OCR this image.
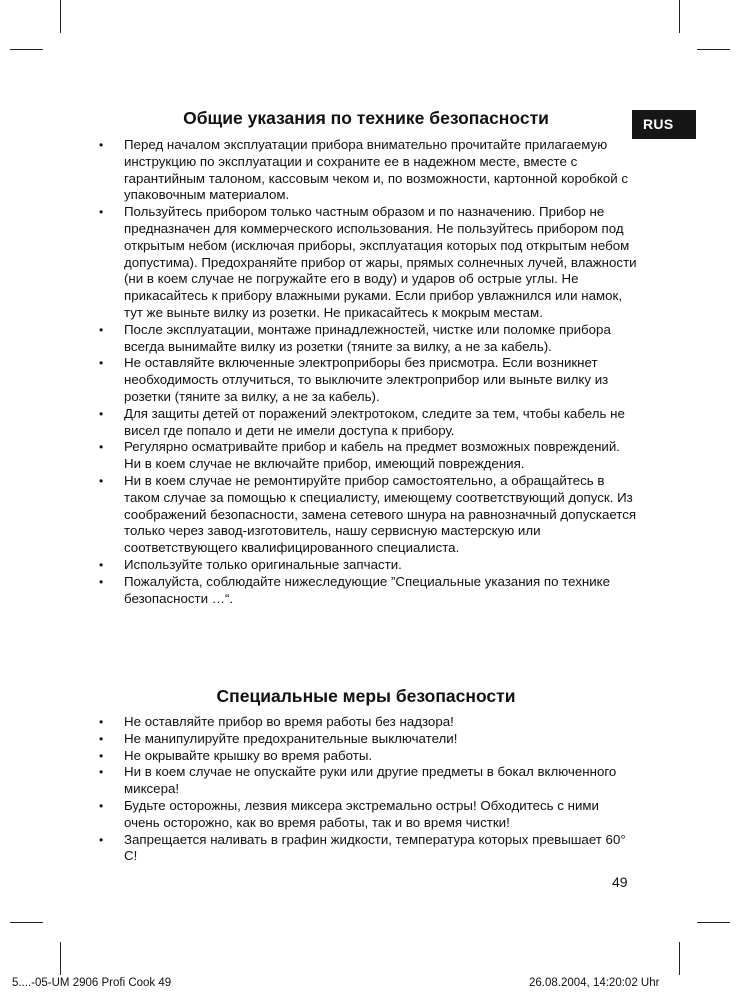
RUS
Общие указания по технике безопасности
• Перед началом эксплуатации прибора внимательно прочитайте прилагаемую инструкцию по эксплуатации и сохраните ее в надежном месте, вместе с гарантийным талоном, кассовым чеком и, по возможности, картонной коробкой с упаковочным материалом.
• Пользуйтесь прибором только частным образом и по назначению. Прибор не предназначен для коммерческого использования. Не пользуйтесь прибором под открытым небом (исключая приборы, эксплуатация которых под открытым небом допустима). Предохраняйте прибор от жары, прямых солнечных лучей, влажности (ни в коем случае не погружайте его в воду) и ударов об острые углы. Не прикасайтесь к прибору влажными руками. Если прибор увлажнился или намок, тут же выньте вилку из розетки. Не прикасайтесь к мокрым местам.
• После эксплуатации, монтаже принадлежностей, чистке или поломке прибора всегда вынимайте вилку из розетки (тяните за вилку, а не за кабель).
• Не оставляйте включенные электроприборы без присмотра. Если возникнет необходимость отлучиться, то выключите электроприбор или выньте вилку из розетки (тяните за вилку, а не за кабель).
• Для защиты детей от поражений электротоком, следите за тем, чтобы кабель не висел где попало и дети не имели доступа к прибору.
• Регулярно осматривайте прибор и кабель на предмет возможных повреждений. Ни в коем случае не включайте прибор, имеющий повреждения.
• Ни в коем случае не ремонтируйте прибор самостоятельно, а обращайтесь в таком случае за помощью к специалисту, имеющему соответствующий допуск. Из соображений безопасности, замена сетевого шнура на равнозначный допускается только через завод-изготовитель, нашу сервисную мастерскую или соответствующего квалифицированного специалиста.
• Используйте только оригинальные запчасти.
• Пожалуйста, соблюдайте нижеследующие ”Специальные указания по технике безопасности …“.
Специальные меры безопасности
• Не оставляйте прибор во время работы без надзора!
• Не манипулируйте предохранительные выключатели!
• Не окрывайте крышку во время работы.
• Ни в коем случае не опускайте руки или другие предметы в бокал включенного миксера!
• Будьте осторожны, лезвия миксера экстремально остры! Обходитесь с ними очень осторожно, как во время работы, так и во время чистки!
• Запрещается наливать в графин жидкости, температура которых превышает 60° С!
49
5....-05-UM 2906 Profi Cook 49	26.08.2004, 14:20:02 Uhr
